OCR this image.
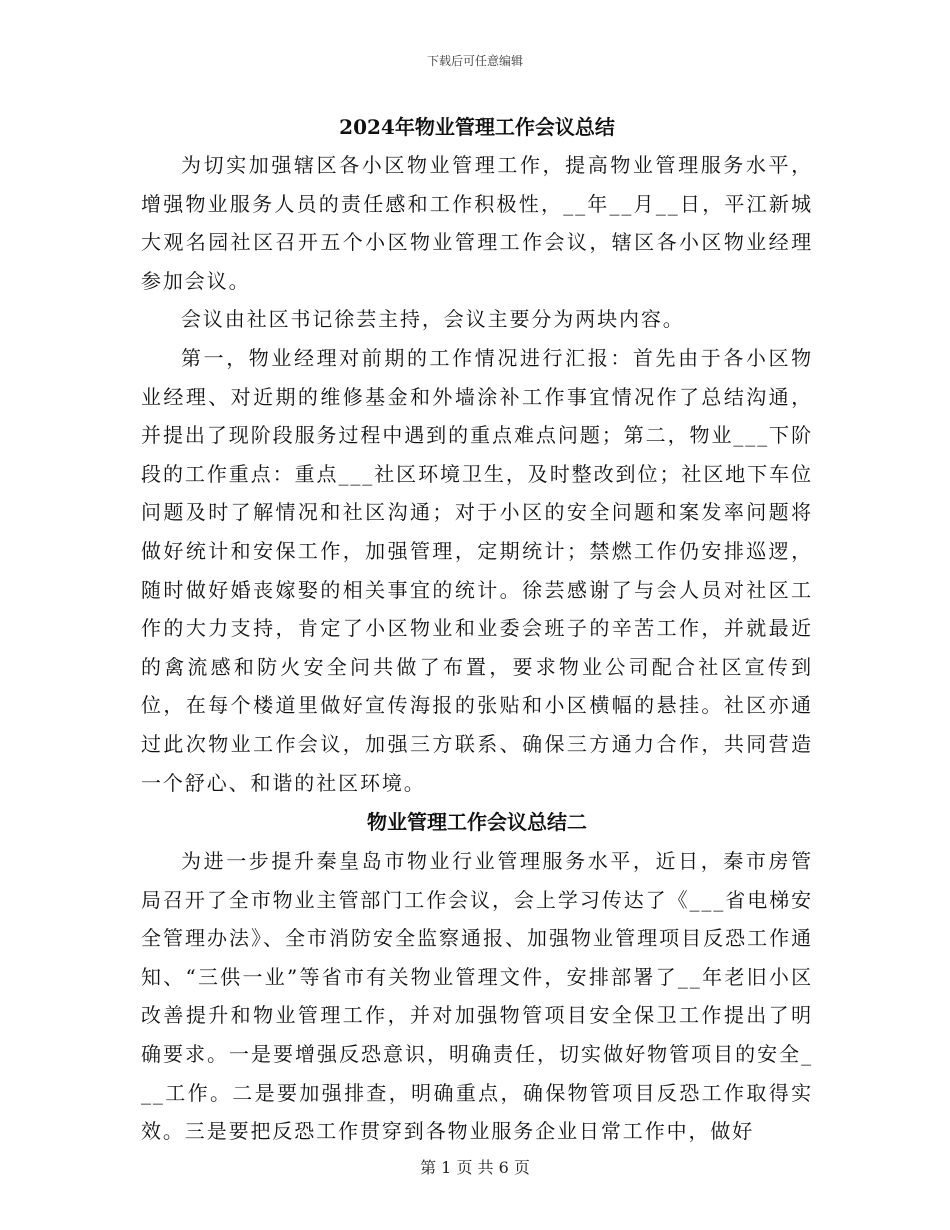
下载后可任意编辑
2024年物业管理工作会议总结

为切实加强辖区各小区物业管理工作，提高物业管理服务水平，增强物业服务人员的责任感和工作积极性，__年__月__日，平江新城大观名园社区召开五个小区物业管理工作会议，辖区各小区物业经理参加会议。

会议由社区书记徐芸主持，会议主要分为两块内容。

第一，物业经理对前期的工作情况进行汇报：首先由于各小区物业经理、对近期的维修基金和外墙涂补工作事宜情况作了总结沟通，并提出了现阶段服务过程中遇到的重点难点问题；第二，物业___下阶段的工作重点：重点___社区环境卫生，及时整改到位；社区地下车位问题及时了解情况和社区沟通；对于小区的安全问题和案发率问题将做好统计和安保工作，加强管理，定期统计；禁燃工作仍安排巡逻，随时做好婚丧嫁娶的相关事宜的统计。徐芸感谢了与会人员对社区工作的大力支持，肯定了小区物业和业委会班子的辛苦工作，并就最近的禽流感和防火安全问共做了布置，要求物业公司配合社区宣传到位，在每个楼道里做好宣传海报的张贴和小区横幅的悬挂。社区亦通过此次物业工作会议，加强三方联系、确保三方通力合作，共同营造一个舒心、和谐的社区环境。

物业管理工作会议总结二

为进一步提升秦皇岛市物业行业管理服务水平，近日，秦市房管局召开了全市物业主管部门工作会议，会上学习传达了《___省电梯安全管理办法》、全市消防安全监察通报、加强物业管理项目反恐工作通知、“三供一业”等省市有关物业管理文件，安排部署了__年老旧小区改善提升和物业管理工作，并对加强物管项目安全保卫工作提出了明确要求。一是要增强反恐意识，明确责任，切实做好物管项目的安全___工作。二是要加强排查，明确重点，确保物管项目反恐工作取得实效。三是要把反恐工作贯穿到各物业服务企业日常工作中，做好

第 1 页 共 6 页
